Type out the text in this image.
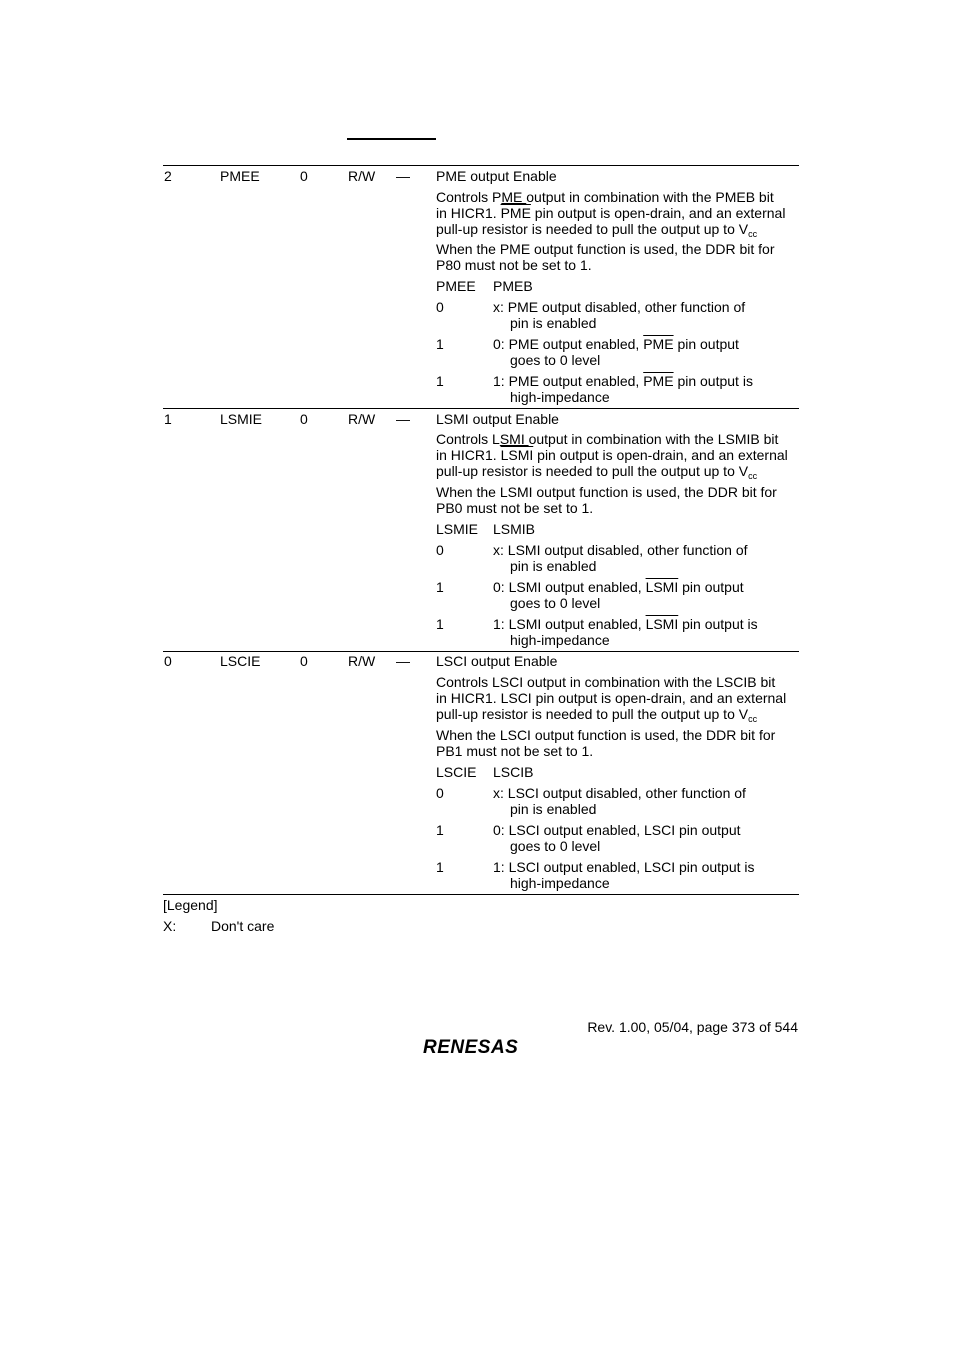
2	PMEE	0	R/W — PME output Enable

Controls PME output in combination with the PMEB bit

in HICR1. $\overline{PME}$ pin output is open-drain, and an external

pull-up resistor is needed to pull the output up to $V_{cc}$

When the PME output function is used, the DDR bit for

P80 must not be set to 1.

PMEE PMEB

0	x: PME output disabled, other function of

pin is enabled

1	0: PME output enabled, $\overline{PME}$ pin output

goes to 0 level

1	1: PME output enabled, $\overline{PME}$ pin output is

high-impedance

1	LSMIE	0	R/W — LSMI output Enable

Controls LSMI output in combination with the LSMIB bit

in HICR1. LSMI pin output is open-drain, and an external

pull-up resistor is needed to pull the output up to $V_{cc}$

When the LSMI output function is used, the DDR bit for

PB0 must not be set to 1.

LSMIE LSMIB

0	x: LSMI output disabled, other function of

pin is enabled

1	0: LSMI output enabled, LSMI pin output

goes to 0 level

1	1: LSMI output enabled, LSMI pin output is

high-impedance

0	LSCIE	0	R/W — LSCI output Enable

Controls LSCI output in combination with the LSCIB bit

in HICR1. LSCI pin output is open-drain, and an external

pull-up resistor is needed to pull the output up to $V_{cc}$

When the LSCI output function is used, the DDR bit for

PB1 must not be set to 1.

LSCIE LSCIB

0	x: LSCI output disabled, other function of

pin is enabled

1	0: LSCI output enabled, LSCI pin output

goes to 0 level

1	1: LSCI output enabled, LSCI pin output is

high-impedance

[Legend]
X: Don't care
Rev. 1.00, 05/04, page 373 of 544
RENESAS
